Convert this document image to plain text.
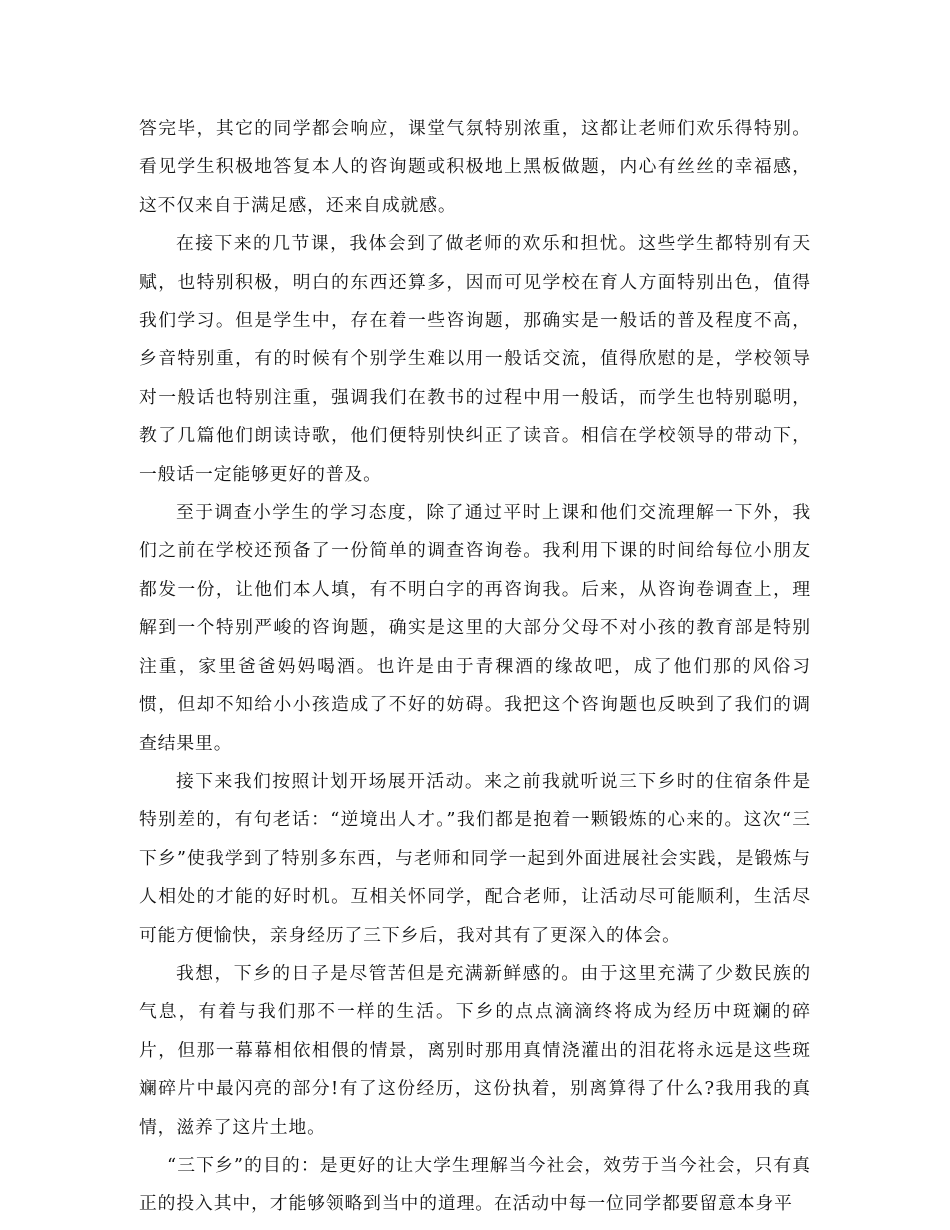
答完毕，其它的同学都会响应，课堂气氛特别浓重，这都让老师们欢乐得特别。看见学生积极地答复本人的咨询题或积极地上黑板做题，内心有丝丝的幸福感，这不仅来自于满足感，还来自成就感。

在接下来的几节课，我体会到了做老师的欢乐和担忧。这些学生都特别有天赋，也特别积极，明白的东西还算多，因而可见学校在育人方面特别出色，值得我们学习。但是学生中，存在着一些咨询题，那确实是一般话的普及程度不高，乡音特别重，有的时候有个别学生难以用一般话交流，值得欣慰的是，学校领导对一般话也特别注重，强调我们在教书的过程中用一般话，而学生也特别聪明，教了几篇他们朗读诗歌，他们便特别快纠正了读音。相信在学校领导的带动下，一般话一定能够更好的普及。

至于调查小学生的学习态度，除了通过平时上课和他们交流理解一下外，我们之前在学校还预备了一份简单的调查咨询卷。我利用下课的时间给每位小朋友都发一份，让他们本人填，有不明白字的再咨询我。后来，从咨询卷调查上，理解到一个特别严峻的咨询题，确实是这里的大部分父母不对小孩的教育部是特别注重，家里爸爸妈妈喝酒。也许是由于青稞酒的缘故吧，成了他们那的风俗习惯，但却不知给小小孩造成了不好的妨碍。我把这个咨询题也反映到了我们的调查结果里。

接下来我们按照计划开场展开活动。来之前我就听说三下乡时的住宿条件是特别差的，有句老话：“逆境出人才。”我们都是抱着一颗锻炼的心来的。这次“三下乡”使我学到了特别多东西，与老师和同学一起到外面进展社会实践，是锻炼与人相处的才能的好时机。互相关怀同学，配合老师，让活动尽可能顺利，生活尽可能方便愉快，亲身经历了三下乡后，我对其有了更深入的体会。

我想，下乡的日子是尽管苦但是充满新鲜感的。由于这里充满了少数民族的气息，有着与我们那不一样的生活。下乡的点点滴滴终将成为经历中斑斓的碎片，但那一幕幕相依相偎的情景，离别时那用真情浇灌出的泪花将永远是这些斑斓碎片中最闪亮的部分!有了这份经历，这份执着，别离算得了什么?我用我的真情，滋养了这片土地。

“三下乡”的目的：是更好的让大学生理解当今社会，效劳于当今社会，只有真正的投入其中，才能够领略到当中的道理。在活动中每一位同学都要留意本身平
